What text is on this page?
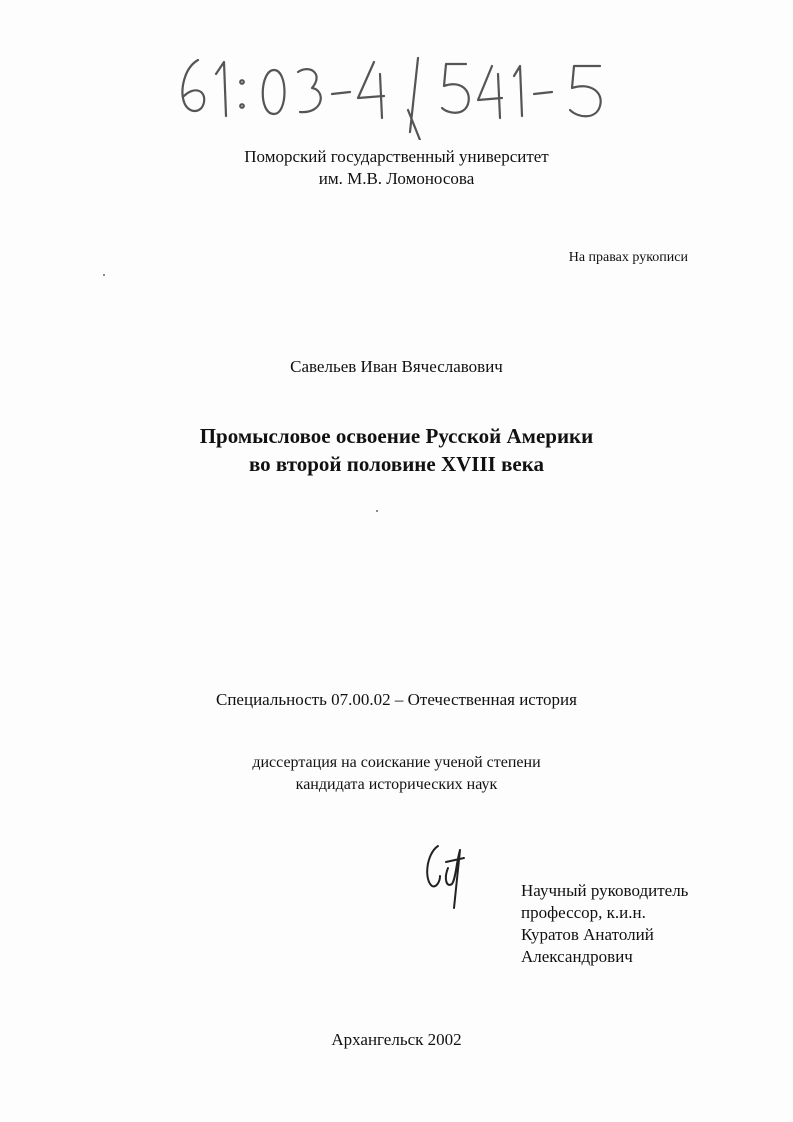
Поморский государственный университет
им. М.В. Ломоносова
На правах рукописи
Савельев Иван Вячеславович
Промысловое освоение Русской Америки
во второй половине XVIII века
Специальность 07.00.02 – Отечественная история
диссертация на соискание ученой степени
кандидата исторических наук
Научный руководитель
профессор, к.и.н.
Куратов Анатолий
Александрович
Архангельск 2002
